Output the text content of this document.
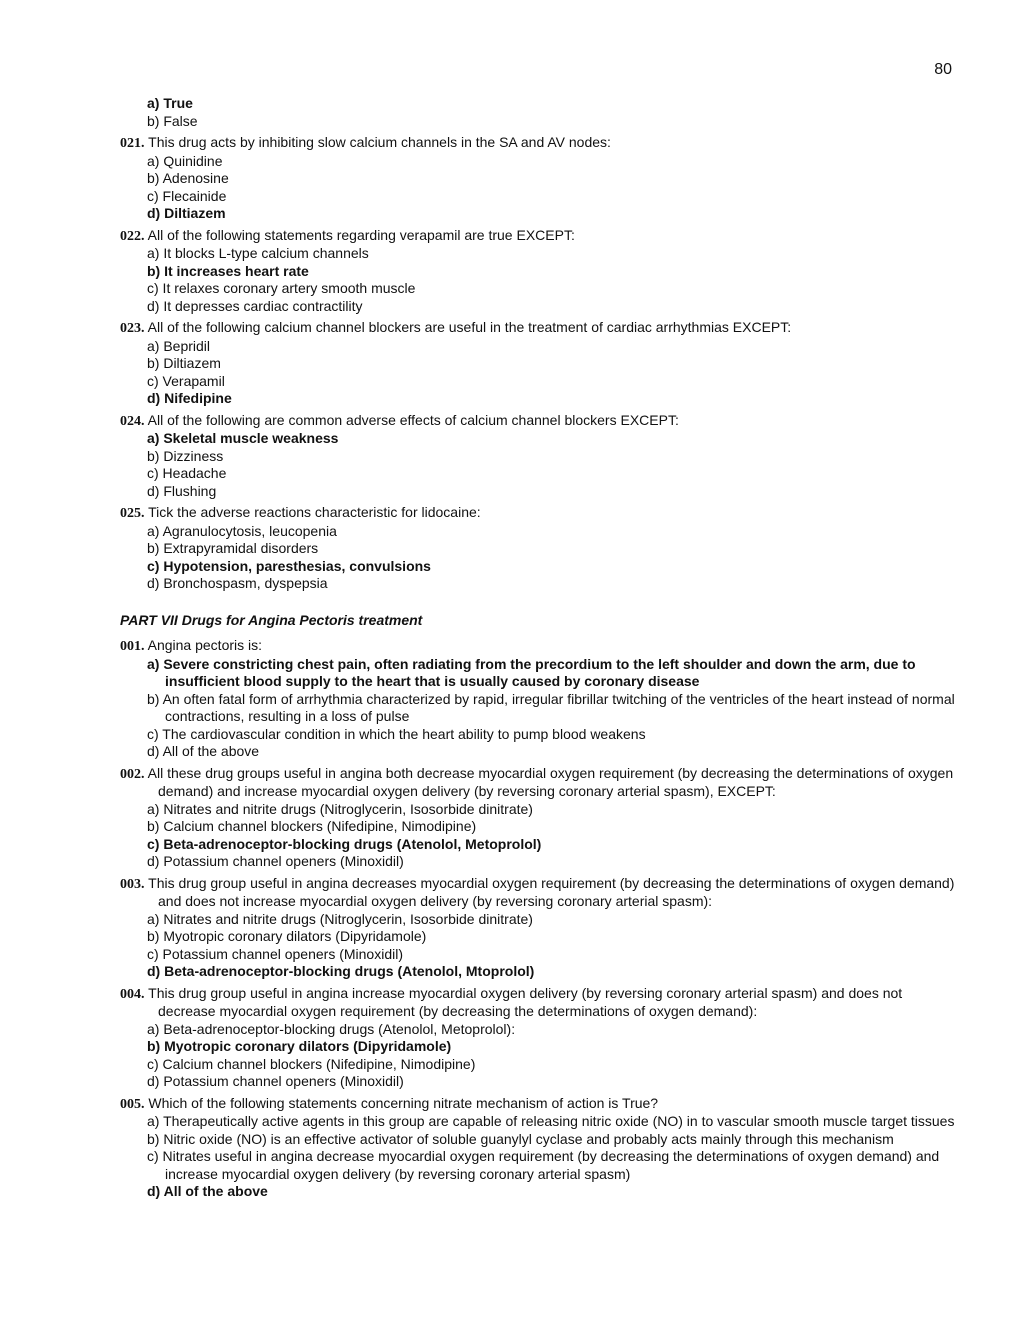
80
a) True
b) False
021. This drug acts by inhibiting slow calcium channels in the SA and AV nodes:
a) Quinidine
b) Adenosine
c) Flecainide
d) Diltiazem
022. All of the following statements regarding verapamil are true EXCEPT:
a) It blocks L-type calcium channels
b) It increases heart rate
c) It relaxes coronary artery smooth muscle
d) It depresses cardiac contractility
023. All of the following calcium channel blockers are useful in the treatment of cardiac arrhythmias EXCEPT:
a) Bepridil
b) Diltiazem
c) Verapamil
d) Nifedipine
024. All of the following are common adverse effects of calcium channel blockers EXCEPT:
a) Skeletal muscle weakness
b) Dizziness
c) Headache
d) Flushing
025. Tick the adverse reactions characteristic for lidocaine:
a) Agranulocytosis, leucopenia
b) Extrapyramidal disorders
c) Hypotension, paresthesias, convulsions
d) Bronchospasm, dyspepsia
PART VII Drugs for Angina Pectoris treatment
001. Angina pectoris is:
a) Severe constricting chest pain, often radiating from the precordium to the left shoulder and down the arm, due to insufficient blood supply to the heart that is usually caused by coronary disease
b) An often fatal form of arrhythmia characterized by rapid, irregular fibrillar twitching of the ventricles of the heart instead of normal contractions, resulting in a loss of pulse
c) The cardiovascular condition in which the heart ability to pump blood weakens
d) All of the above
002. All these drug groups useful in angina both decrease myocardial oxygen requirement (by decreasing the determinations of oxygen demand) and increase myocardial oxygen delivery (by reversing coronary arterial spasm), EXCEPT:
a) Nitrates and nitrite drugs (Nitroglycerin, Isosorbide dinitrate)
b) Calcium channel blockers (Nifedipine, Nimodipine)
c) Beta-adrenoceptor-blocking drugs (Atenolol, Metoprolol)
d) Potassium channel openers (Minoxidil)
003. This drug group useful in angina decreases myocardial oxygen requirement (by decreasing the determinations of oxygen demand) and does not increase myocardial oxygen delivery (by reversing coronary arterial spasm):
a) Nitrates and nitrite drugs (Nitroglycerin, Isosorbide dinitrate)
b) Myotropic coronary dilators (Dipyridamole)
c) Potassium channel openers (Minoxidil)
d) Beta-adrenoceptor-blocking drugs (Atenolol, Mtoprolol)
004. This drug group useful in angina increase myocardial oxygen delivery (by reversing coronary arterial spasm) and does not decrease myocardial oxygen requirement (by decreasing the determinations of oxygen demand):
a) Beta-adrenoceptor-blocking drugs (Atenolol, Metoprolol):
b) Myotropic coronary dilators (Dipyridamole)
c) Calcium channel blockers (Nifedipine, Nimodipine)
d) Potassium channel openers (Minoxidil)
005. Which of the following statements concerning nitrate mechanism of action is True?
a) Therapeutically active agents in this group are capable of releasing nitric oxide (NO) in to vascular smooth muscle target tissues
b) Nitric oxide (NO) is an effective activator of soluble guanylyl cyclase and probably acts mainly through this mechanism
c) Nitrates useful in angina decrease myocardial oxygen requirement (by decreasing the determinations of oxygen demand) and increase myocardial oxygen delivery (by reversing coronary arterial spasm)
d) All of the above
